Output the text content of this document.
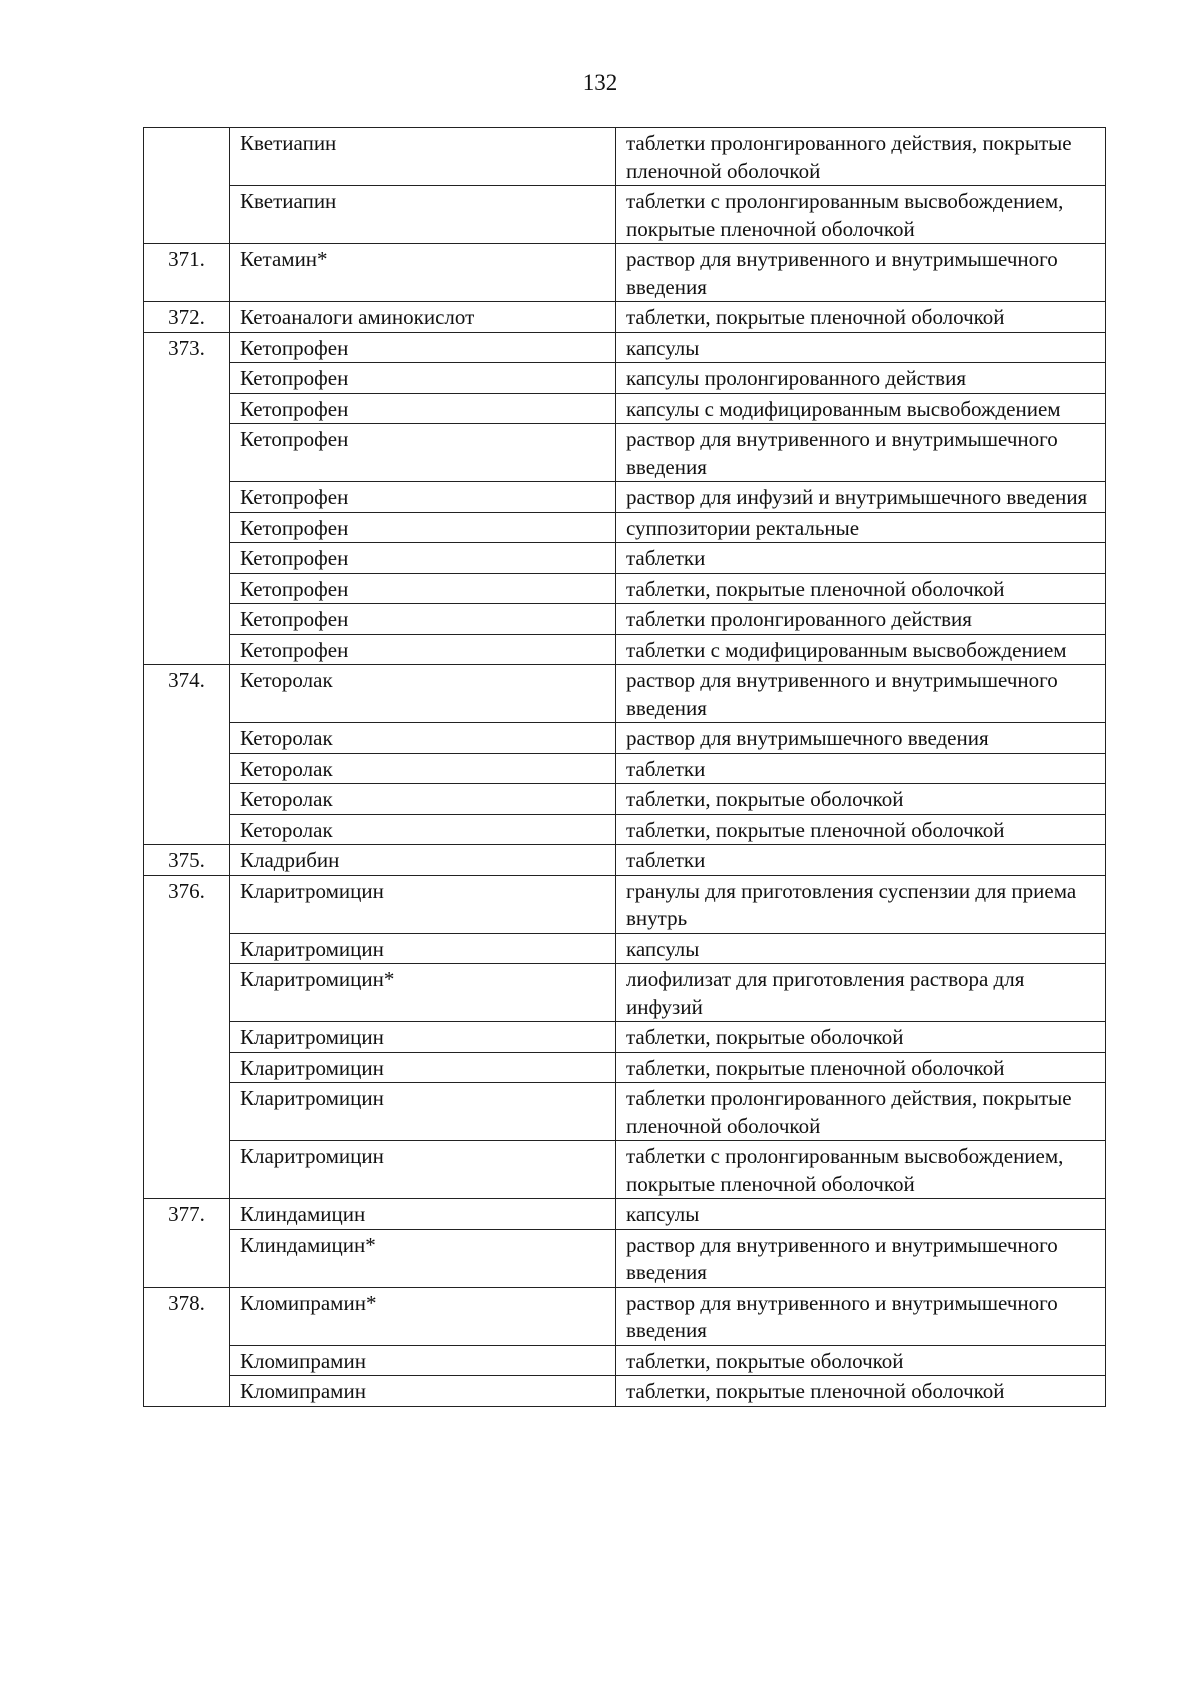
132
	Кветиапин	таблетки пролонгированного действия, покрытые пленочной оболочкой
	Кветиапин	таблетки с пролонгированным высвобождением, покрытые пленочной оболочкой
371.	Кетамин*	раствор для внутривенного и внутримышечного введения
372.	Кетоаналоги аминокислот	таблетки, покрытые пленочной оболочкой
373.	Кетопрофен	капсулы
	Кетопрофен	капсулы пролонгированного действия
	Кетопрофен	капсулы с модифицированным высвобождением
	Кетопрофен	раствор для внутривенного и внутримышечного введения
	Кетопрофен	раствор для инфузий и внутримышечного введения
	Кетопрофен	суппозитории ректальные
	Кетопрофен	таблетки
	Кетопрофен	таблетки, покрытые пленочной оболочкой
	Кетопрофен	таблетки пролонгированного действия
	Кетопрофен	таблетки с модифицированным высвобождением
374.	Кеторолак	раствор для внутривенного и внутримышечного введения
	Кеторолак	раствор для внутримышечного введения
	Кеторолак	таблетки
	Кеторолак	таблетки, покрытые оболочкой
	Кеторолак	таблетки, покрытые пленочной оболочкой
375.	Кладрибин	таблетки
376.	Кларитромицин	гранулы для приготовления суспензии для приема внутрь
	Кларитромицин	капсулы
	Кларитромицин*	лиофилизат для приготовления раствора для инфузий
	Кларитромицин	таблетки, покрытые оболочкой
	Кларитромицин	таблетки, покрытые пленочной оболочкой
	Кларитромицин	таблетки пролонгированного действия, покрытые пленочной оболочкой
	Кларитромицин	таблетки с пролонгированным высвобождением, покрытые пленочной оболочкой
377.	Клиндамицин	капсулы
	Клиндамицин*	раствор для внутривенного и внутримышечного введения
378.	Кломипрамин*	раствор для внутривенного и внутримышечного введения
	Кломипрамин	таблетки, покрытые оболочкой
	Кломипрамин	таблетки, покрытые пленочной оболочкой
